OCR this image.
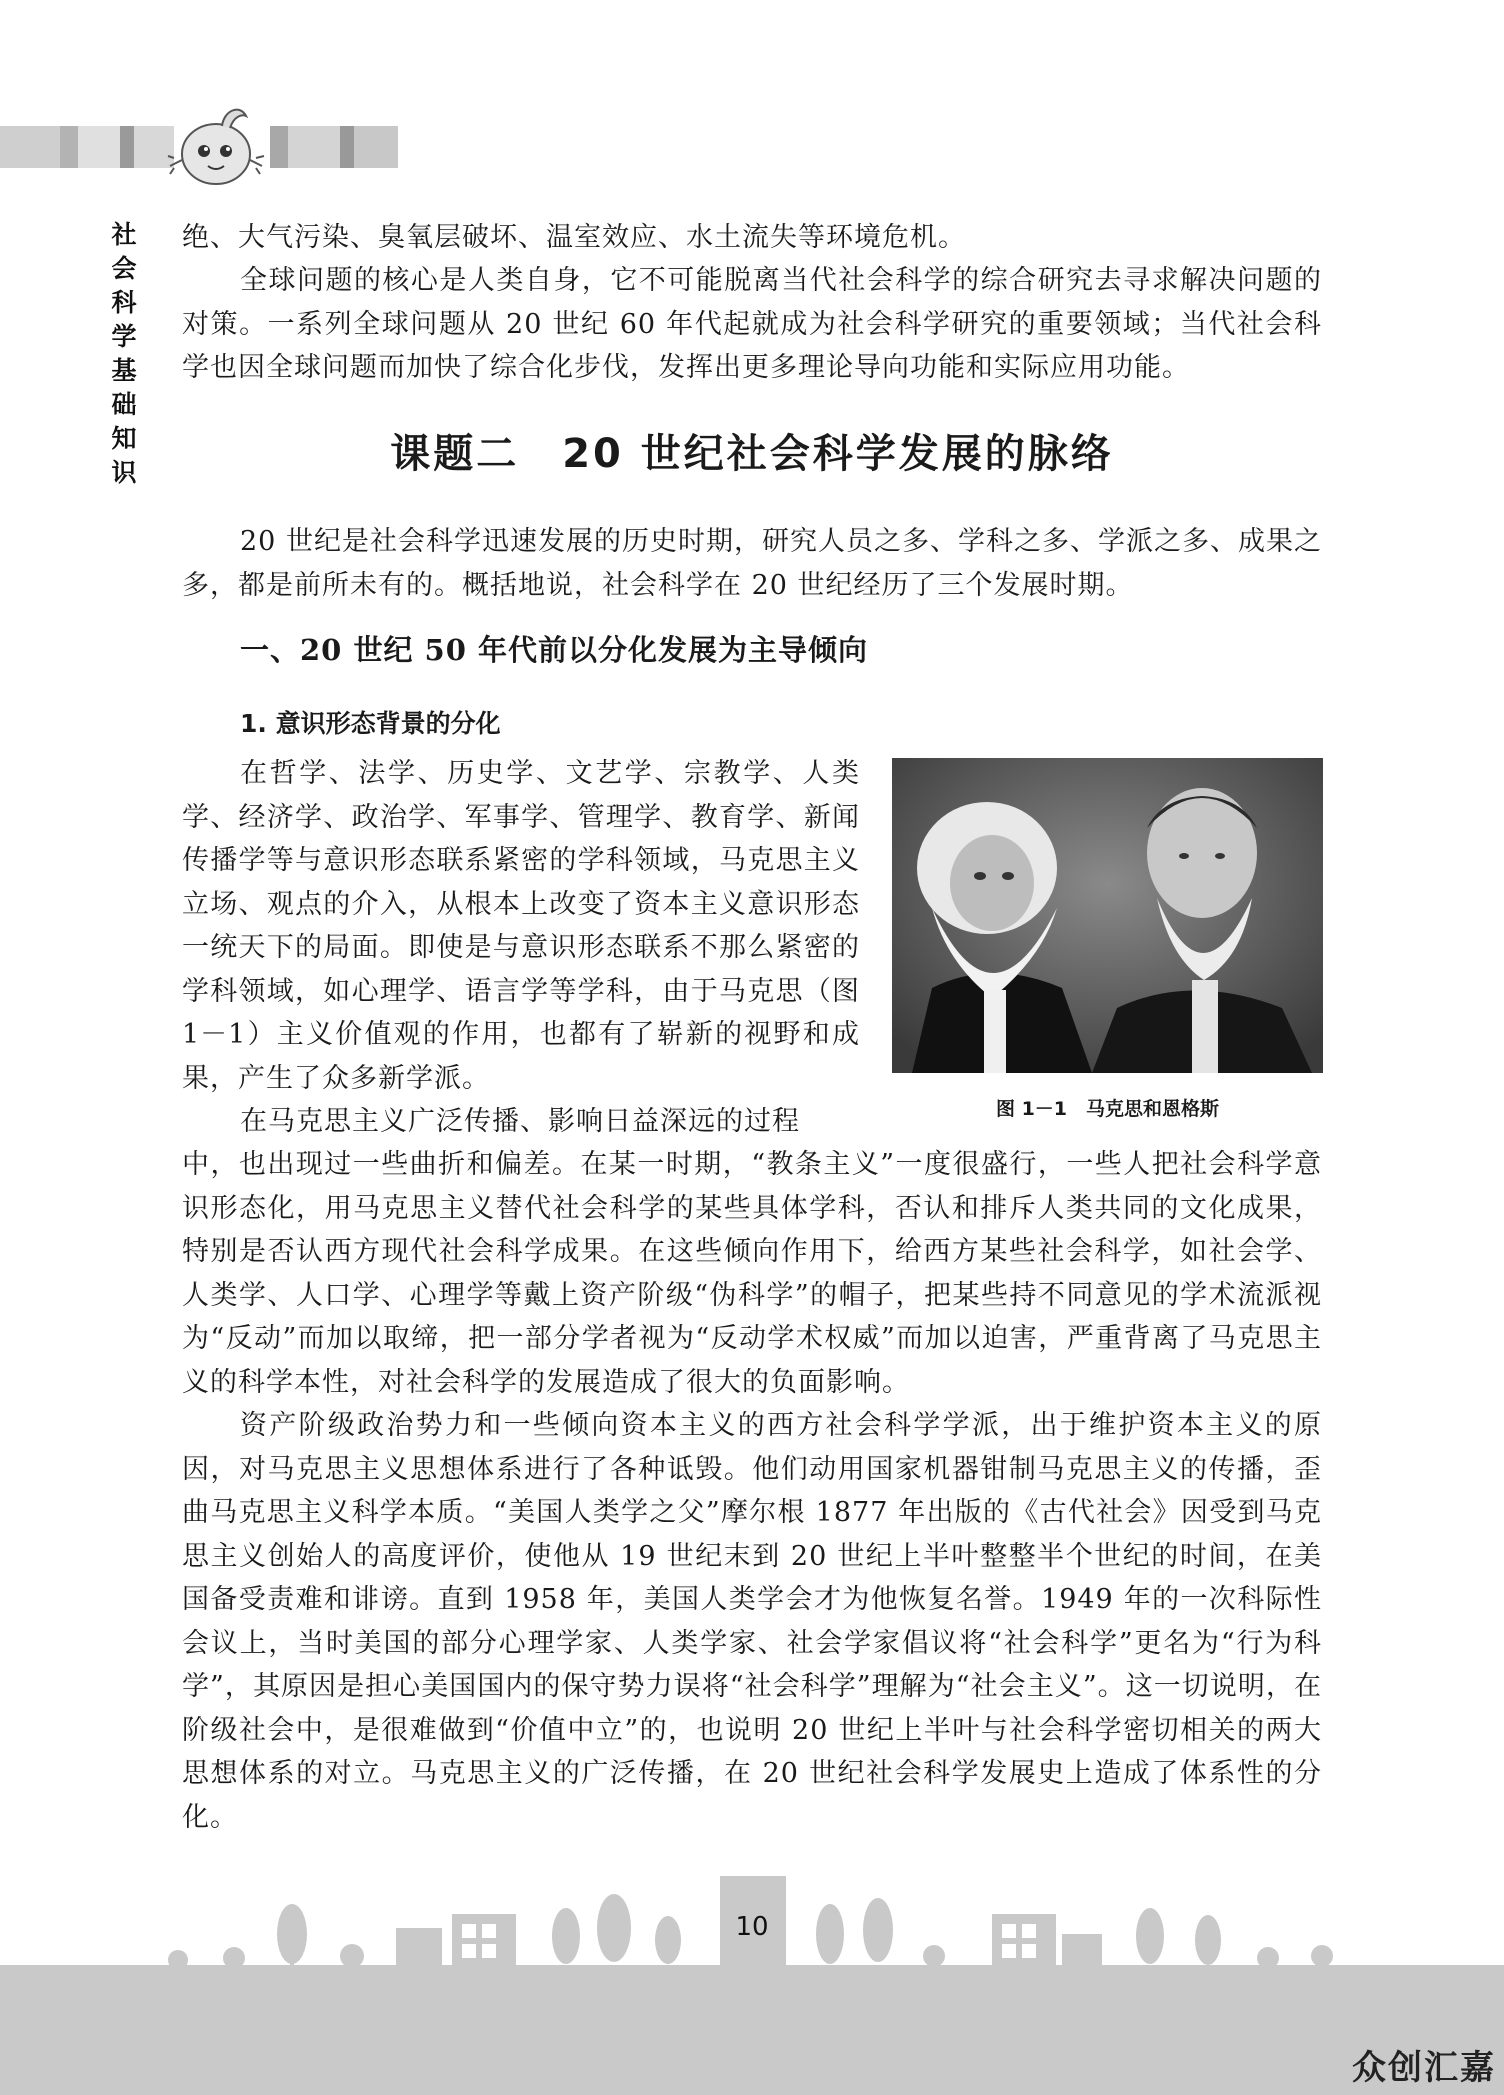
社
会
科
学
基
础
知
识

绝、大气污染、臭氧层破坏、温室效应、水土流失等环境危机。

全球问题的核心是人类自身，它不可能脱离当代社会科学的综合研究去寻求解决问题的对策。一系列全球问题从 20 世纪 60 年代起就成为社会科学研究的重要领域；当代社会科学也因全球问题而加快了综合化步伐，发挥出更多理论导向功能和实际应用功能。

课题二　20 世纪社会科学发展的脉络

20 世纪是社会科学迅速发展的历史时期，研究人员之多、学科之多、学派之多、成果之多，都是前所未有的。概括地说，社会科学在 20 世纪经历了三个发展时期。

一、20 世纪 50 年代前以分化发展为主导倾向
1. 意识形态背景的分化

在哲学、法学、历史学、文艺学、宗教学、人类学、经济学、政治学、军事学、管理学、教育学、新闻传播学等与意识形态联系紧密的学科领域，马克思主义立场、观点的介入，从根本上改变了资本主义意识形态一统天下的局面。即使是与意识形态联系不那么紧密的学科领域，如心理学、语言学等学科，由于马克思（图 1－1）主义价值观的作用，也都有了崭新的视野和成果，产生了众多新学派。

在马克思主义广泛传播、影响日益深远的过程

中，也出现过一些曲折和偏差。在某一时期，“教条主义”一度很盛行，一些人把社会科学意识形态化，用马克思主义替代社会科学的某些具体学科，否认和排斥人类共同的文化成果，特别是否认西方现代社会科学成果。在这些倾向作用下，给西方某些社会科学，如社会学、人类学、人口学、心理学等戴上资产阶级“伪科学”的帽子，把某些持不同意见的学术流派视为“反动”而加以取缔，把一部分学者视为“反动学术权威”而加以迫害，严重背离了马克思主义的科学本性，对社会科学的发展造成了很大的负面影响。

资产阶级政治势力和一些倾向资本主义的西方社会科学学派，出于维护资本主义的原因，对马克思主义思想体系进行了各种诋毁。他们动用国家机器钳制马克思主义的传播，歪曲马克思主义科学本质。“美国人类学之父”摩尔根 1877 年出版的《古代社会》因受到马克思主义创始人的高度评价，使他从 19 世纪末到 20 世纪上半叶整整半个世纪的时间，在美国备受责难和诽谤。直到 1958 年，美国人类学会才为他恢复名誉。1949 年的一次科际性会议上，当时美国的部分心理学家、人类学家、社会学家倡议将“社会科学”更名为“行为科学”，其原因是担心美国国内的保守势力误将“社会科学”理解为“社会主义”。这一切说明，在阶级社会中，是很难做到“价值中立”的，也说明 20 世纪上半叶与社会科学密切相关的两大思想体系的对立。马克思主义的广泛传播，在 20 世纪社会科学发展史上造成了体系性的分化。

图 1－1　马克思和恩格斯

10
众创汇嘉
